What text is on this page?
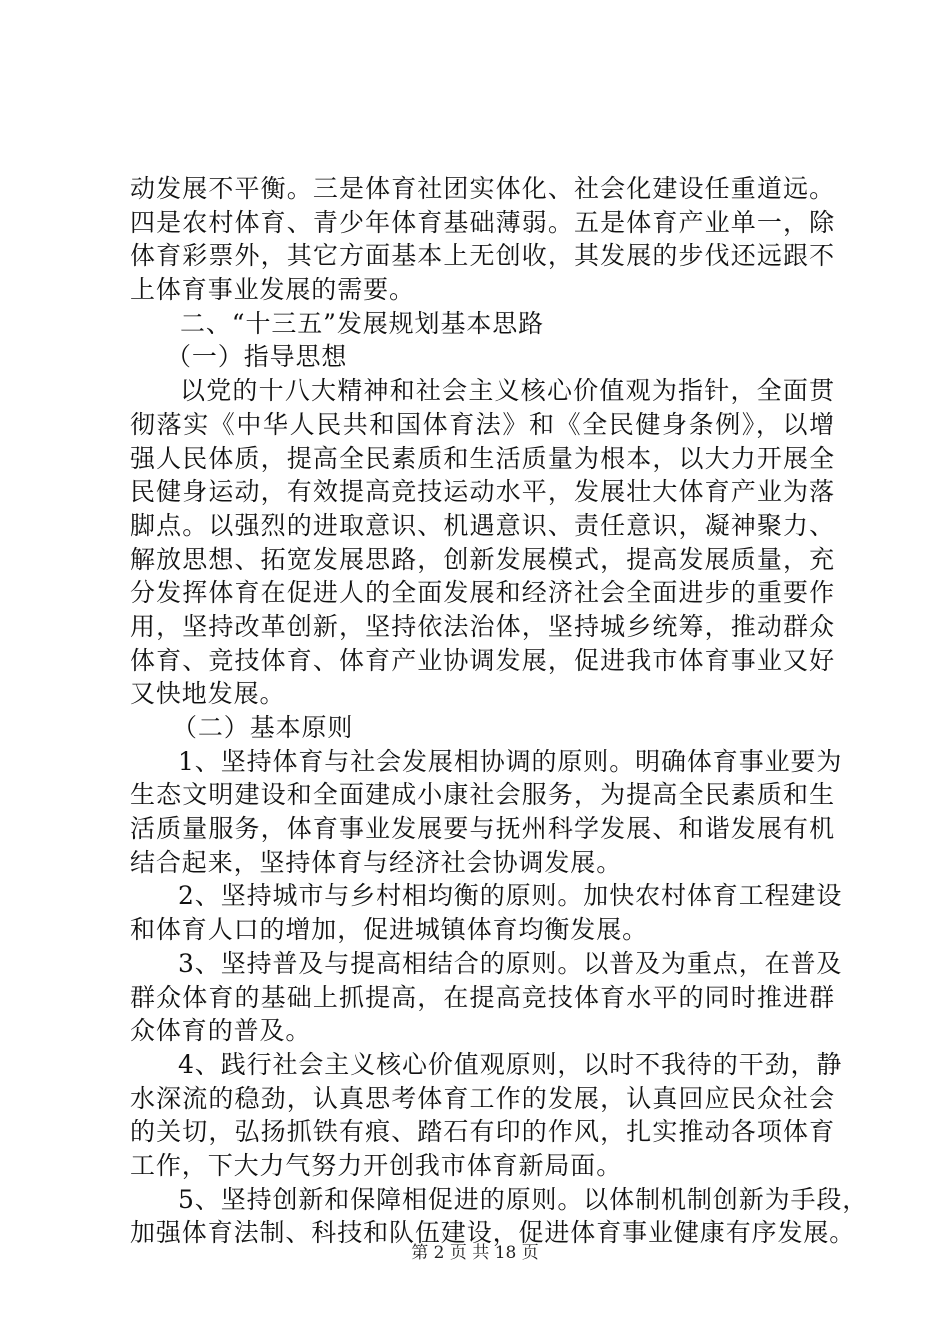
动发展不平衡。三是体育社团实体化、社会化建设任重道远。
四是农村体育、青少年体育基础薄弱。五是体育产业单一，除
体育彩票外，其它方面基本上无创收，其发展的步伐还远跟不
上体育事业发展的需要。
二、“十三五”发展规划基本思路
（一）指导思想
以党的十八大精神和社会主义核心价值观为指针，全面贯
彻落实《中华人民共和国体育法》和《全民健身条例》，以增
强人民体质，提高全民素质和生活质量为根本，以大力开展全
民健身运动，有效提高竞技运动水平，发展壮大体育产业为落
脚点。以强烈的进取意识、机遇意识、责任意识，凝神聚力、
解放思想、拓宽发展思路，创新发展模式，提高发展质量，充
分发挥体育在促进人的全面发展和经济社会全面进步的重要作
用，坚持改革创新，坚持依法治体，坚持城乡统筹，推动群众
体育、竞技体育、体育产业协调发展，促进我市体育事业又好
又快地发展。
（二）基本原则
1、坚持体育与社会发展相协调的原则。明确体育事业要为
生态文明建设和全面建成小康社会服务，为提高全民素质和生
活质量服务，体育事业发展要与抚州科学发展、和谐发展有机
结合起来，坚持体育与经济社会协调发展。
2、坚持城市与乡村相均衡的原则。加快农村体育工程建设
和体育人口的增加，促进城镇体育均衡发展。
3、坚持普及与提高相结合的原则。以普及为重点，在普及
群众体育的基础上抓提高，在提高竞技体育水平的同时推进群
众体育的普及。
4、践行社会主义核心价值观原则，以时不我待的干劲，静
水深流的稳劲，认真思考体育工作的发展，认真回应民众社会
的关切，弘扬抓铁有痕、踏石有印的作风，扎实推动各项体育
工作，下大力气努力开创我市体育新局面。
5、坚持创新和保障相促进的原则。以体制机制创新为手段，
加强体育法制、科技和队伍建设，促进体育事业健康有序发展。
第 2 页 共 18 页
